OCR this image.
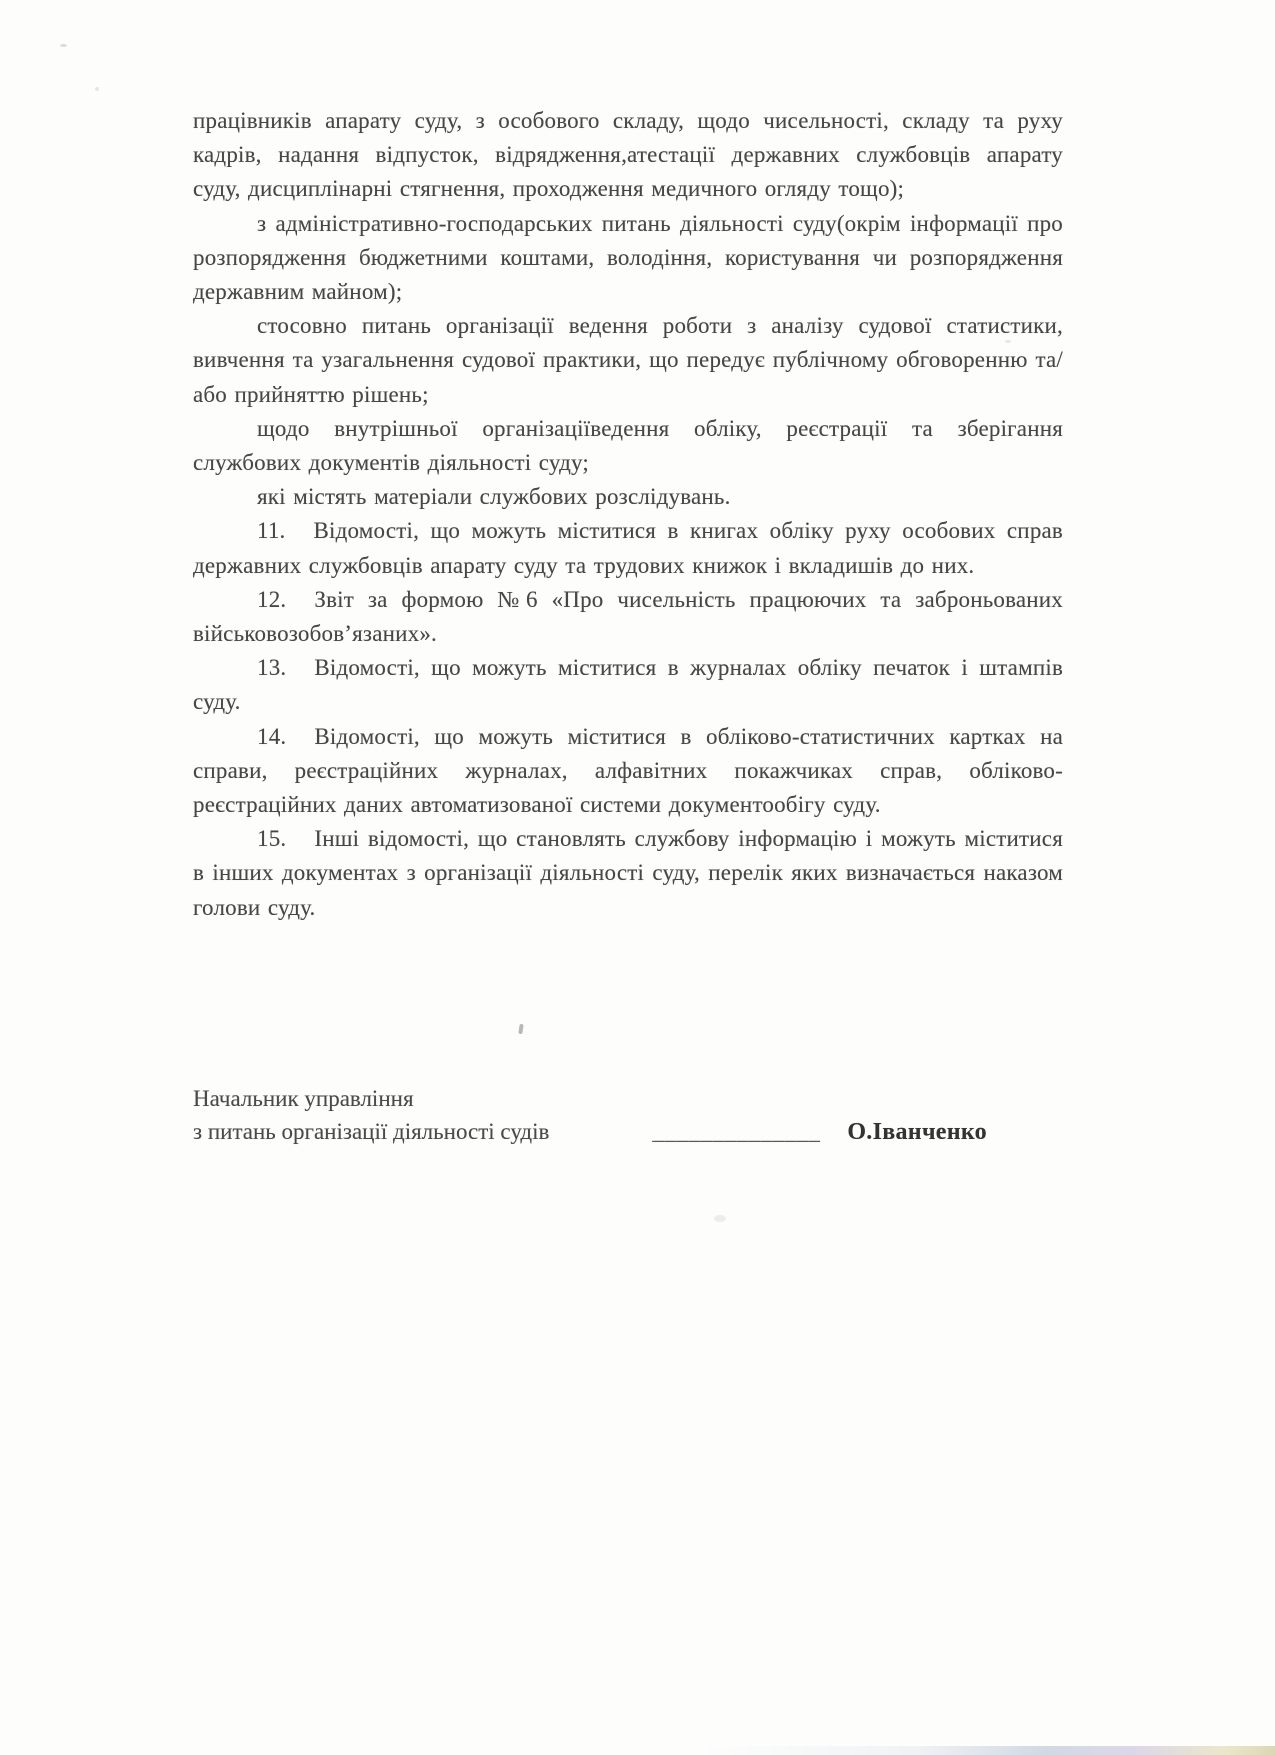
працівників апарату суду, з особового складу, щодо чисельності, складу та руху кадрів, надання відпусток, відрядження,атестації державних службовців апарату суду, дисциплінарні стягнення, проходження медичного огляду тощо);

з адміністративно-господарських питань діяльності суду(окрім інформації про розпорядження бюджетними коштами, володіння, користування чи розпорядження державним майном);

стосовно питань організації ведення роботи з аналізу судової статистики, вивчення та узагальнення судової практики, що передує публічному обговоренню та/або прийняттю рішень;

щодо внутрішньої організаціїведення обліку, реєстрації та зберігання службових документів діяльності суду;

які містять матеріали службових розслідувань.

11. Відомості, що можуть міститися в книгах обліку руху особових справ державних службовців апарату суду та трудових книжок і вкладишів до них.

12. Звіт за формою №6 «Про чисельність працюючих та заброньованих військовозобов’язаних».

13. Відомості, що можуть міститися в журналах обліку печаток і штампів суду.

14. Відомості, що можуть міститися в обліково-статистичних картках на справи, реєстраційних журналах, алфавітних покажчиках справ, обліково-реєстраційних даних автоматизованої системи документообігу суду.

15. Інші відомості, що становлять службову інформацію і можуть міститися в інших документах з організації діяльності суду, перелік яких визначається наказом голови суду.

Начальник управління
з питань організації діяльності судів	______________ О.Іванченко
